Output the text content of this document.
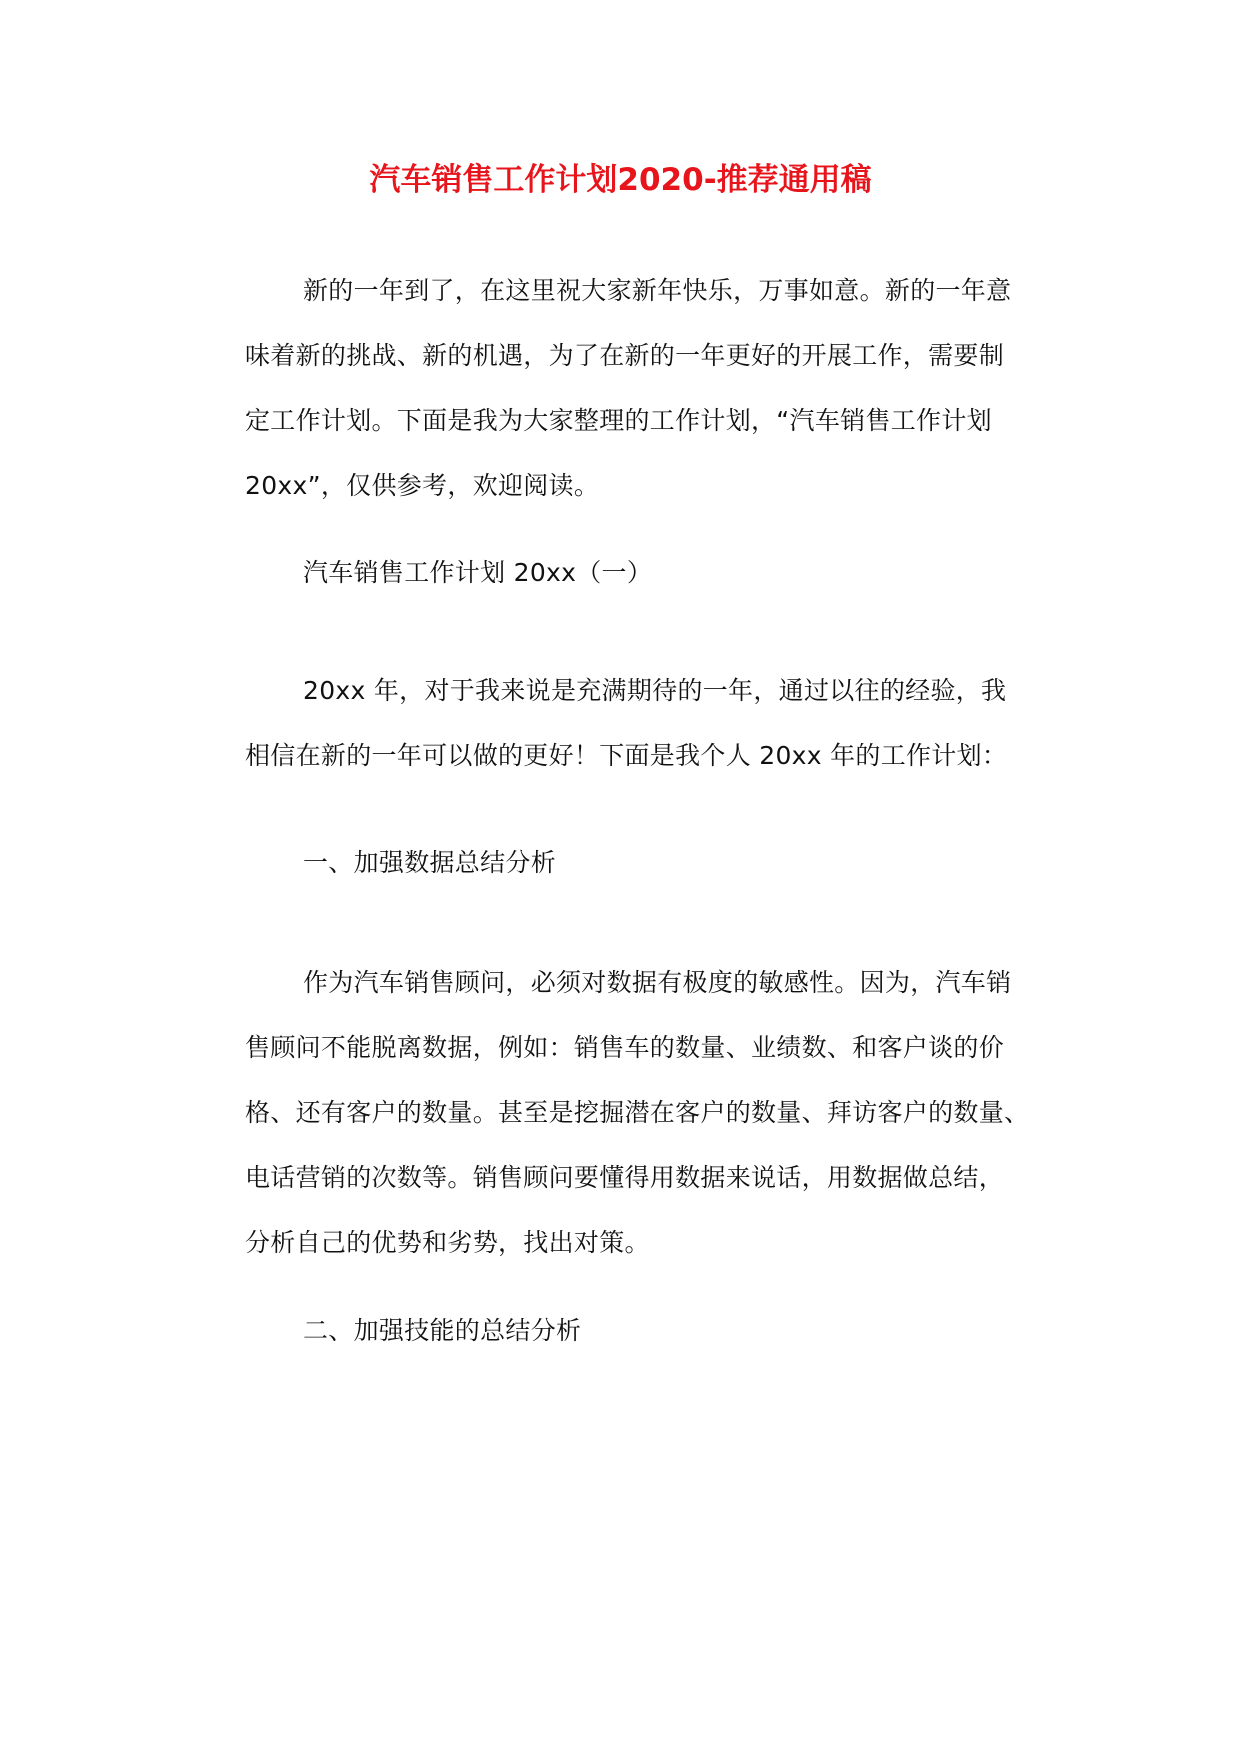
汽车销售工作计划2020-推荐通用稿

新的一年到了，在这里祝大家新年快乐，万事如意。新的一年意
味着新的挑战、新的机遇，为了在新的一年更好的开展工作，需要制
定工作计划。下面是我为大家整理的工作计划，“汽车销售工作计划
20xx”，仅供参考，欢迎阅读。

汽车销售工作计划 20xx（一）

20xx 年，对于我来说是充满期待的一年，通过以往的经验，我
相信在新的一年可以做的更好！下面是我个人 20xx 年的工作计划：

一、加强数据总结分析

作为汽车销售顾问，必须对数据有极度的敏感性。因为，汽车销
售顾问不能脱离数据，例如：销售车的数量、业绩数、和客户谈的价
格、还有客户的数量。甚至是挖掘潜在客户的数量、拜访客户的数量、
电话营销的次数等。销售顾问要懂得用数据来说话，用数据做总结，
分析自己的优势和劣势，找出对策。

二、加强技能的总结分析
